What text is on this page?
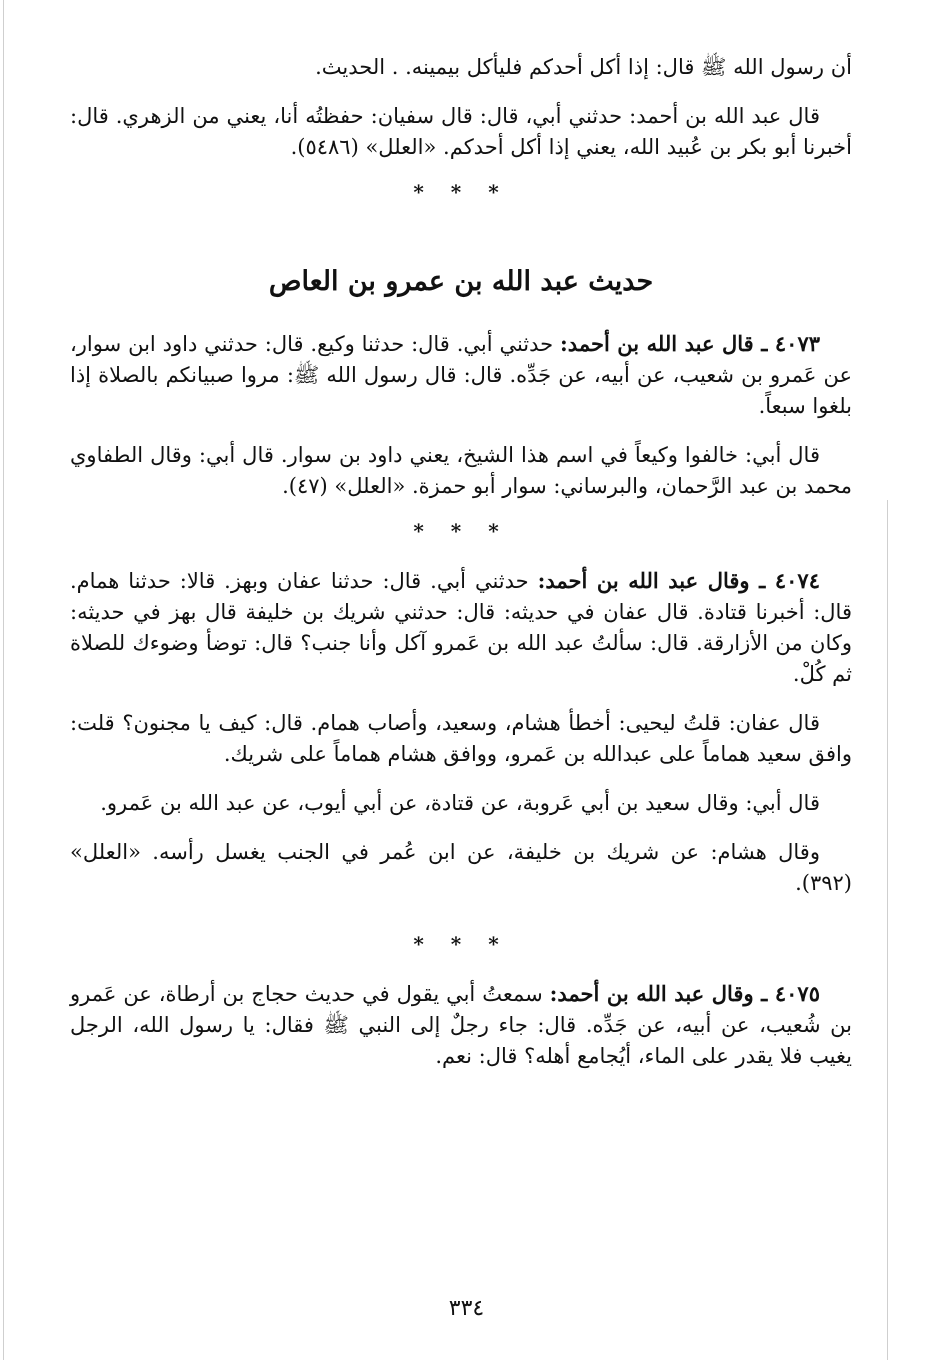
أن رسول الله ﷺ قال: إذا أكل أحدكم فليأكل بيمينه. . الحديث.

قال عبد الله بن أحمد: حدثني أبي، قال: قال سفيان: حفظتُه أنا، يعني من الزهري. قال: أخبرنا أبو بكر بن عُبيد الله، يعني إذا أكل أحدكم. «العلل» (٥٤٨٦).

* * *
حديث عبد الله بن عمرو بن العاص

٤٠٧٣ ـ قال عبد الله بن أحمد: حدثني أبي. قال: حدثنا وكيع. قال: حدثني داود ابن سوار، عن عَمرو بن شعيب، عن أبيه، عن جَدِّه. قال: قال رسول الله ﷺ: مروا صبيانكم بالصلاة إذا بلغوا سبعاً.

قال أبي: خالفوا وكيعاً في اسم هذا الشيخ، يعني داود بن سوار. قال أبي: وقال الطفاوي محمد بن عبد الرَّحمان، والبرساني: سوار أبو حمزة. «العلل» (٤٧).

* * *

٤٠٧٤ ـ وقال عبد الله بن أحمد: حدثني أبي. قال: حدثنا عفان وبهز. قالا: حدثنا همام. قال: أخبرنا قتادة. قال عفان في حديثه: قال: حدثني شريك بن خليفة قال بهز في حديثه: وكان من الأزارقة. قال: سألتُ عبد الله بن عَمرو آكل وأنا جنب؟ قال: توضأ وضوءك للصلاة ثم كُلْ.

قال عفان: قلتُ ليحيى: أخطأ هشام، وسعيد، وأصاب همام. قال: كيف يا مجنون؟ قلت: وافق سعيد هماماً على عبدالله بن عَمرو، ووافق هشام هماماً على شريك.

قال أبي: وقال سعيد بن أبي عَروبة، عن قتادة، عن أبي أيوب، عن عبد الله بن عَمرو.

وقال هشام: عن شريك بن خليفة، عن ابن عُمر في الجنب يغسل رأسه. «العلل» (٣٩٢).

* * *

٤٠٧٥ ـ وقال عبد الله بن أحمد: سمعتُ أبي يقول في حديث حجاج بن أرطاة، عن عَمرو بن شُعيب، عن أبيه، عن جَدِّه. قال: جاء رجلٌ إلى النبي ﷺ فقال: يا رسول الله، الرجل يغيب فلا يقدر على الماء، أيُجامع أهله؟ قال: نعم.

٣٣٤
